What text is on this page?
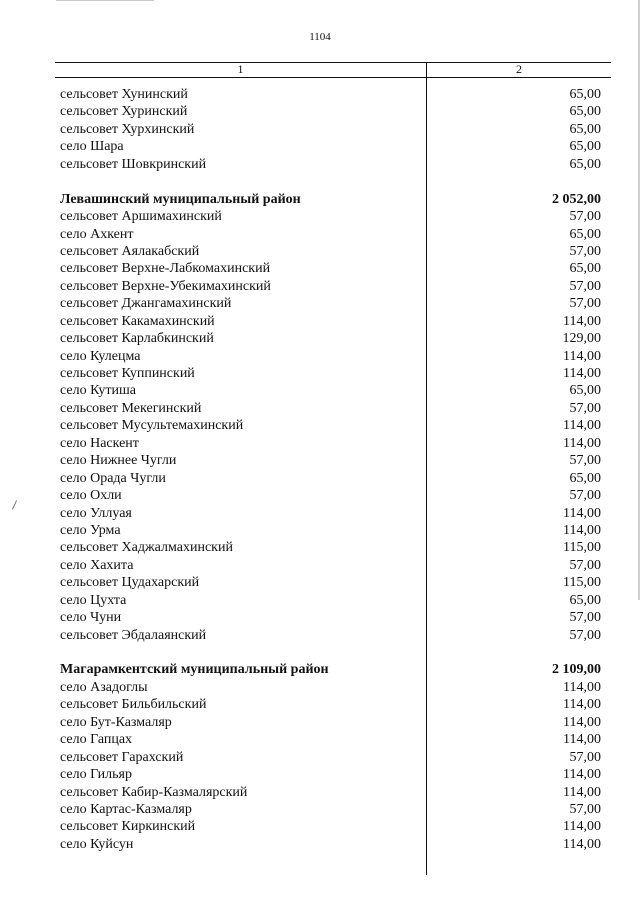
1104
1	2
сельсовет Хунинский	65,00
сельсовет Хуринский	65,00
сельсовет Хурхинский	65,00
село Шара	65,00
сельсовет Шовкринский	65,00
Левашинский муниципальный район	2 052,00
сельсовет Аршимахинский	57,00
село Ахкент	65,00
сельсовет Аялакабский	57,00
сельсовет Верхне-Лабкомахинский	65,00
сельсовет Верхне-Убекимахинский	57,00
сельсовет Джангамахинский	57,00
сельсовет Какамахинский	114,00
сельсовет Карлабкинский	129,00
село Кулецма	114,00
сельсовет Куппинский	114,00
село Кутиша	65,00
сельсовет Мекегинский	57,00
сельсовет Мусультемахинский	114,00
село Наскент	114,00
село Нижнее Чугли	57,00
село Орада Чугли	65,00
село Охли	57,00
село Уллуая	114,00
село Урма	114,00
сельсовет Хаджалмахинский	115,00
село Хахита	57,00
сельсовет Цудахарский	115,00
село Цухта	65,00
село Чуни	57,00
сельсовет Эбдалаянский	57,00
Магарамкентский муниципальный район	2 109,00
село Азадоглы	114,00
сельсовет Бильбильский	114,00
село Бут-Казмаляр	114,00
село Гапцах	114,00
сельсовет Гарахский	57,00
село Гильяр	114,00
сельсовет Кабир-Казмалярский	114,00
село Картас-Казмаляр	57,00
сельсовет Киркинский	114,00
село Куйсун	114,00
